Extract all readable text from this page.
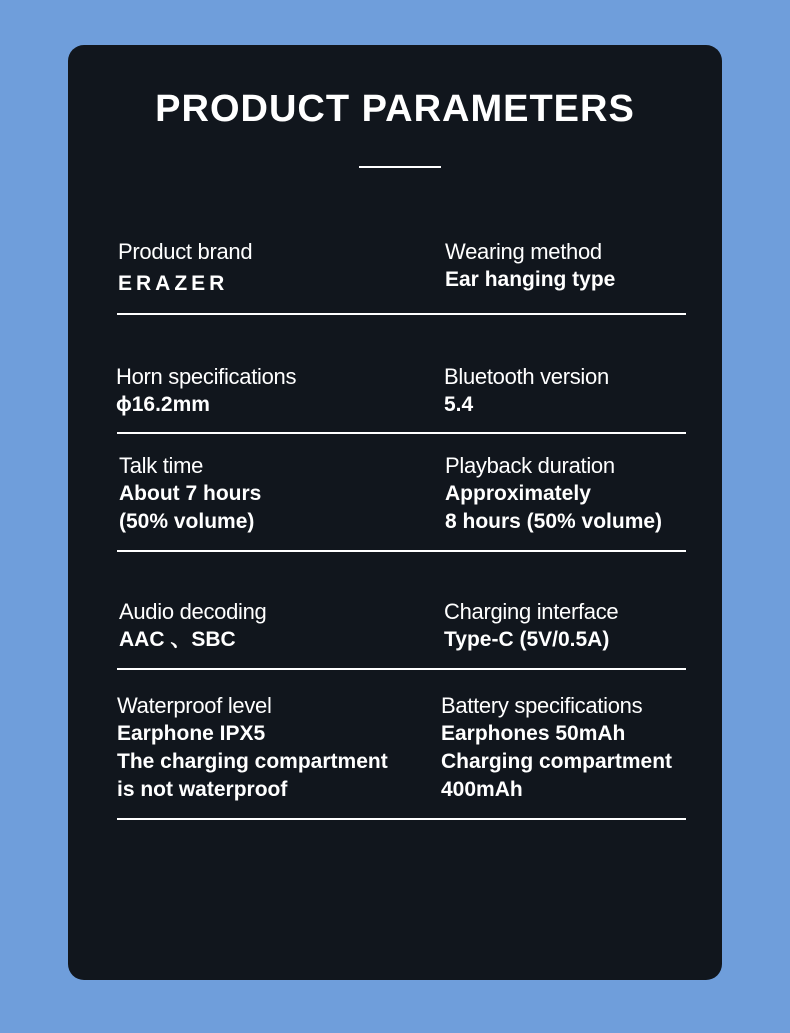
PRODUCT PARAMETERS
Product brand
ERAZER
Wearing method
Ear hanging type
Horn specifications
ɸ16.2mm
Bluetooth version
5.4
Talk time
About 7 hours
(50% volume)
Playback duration
Approximately
8 hours (50% volume)
Audio decoding
AAC 、SBC
Charging interface
Type-C (5V/0.5A)
Waterproof level
Earphone IPX5
The charging compartment
is not waterproof
Battery specifications
Earphones 50mAh
Charging compartment
400mAh
